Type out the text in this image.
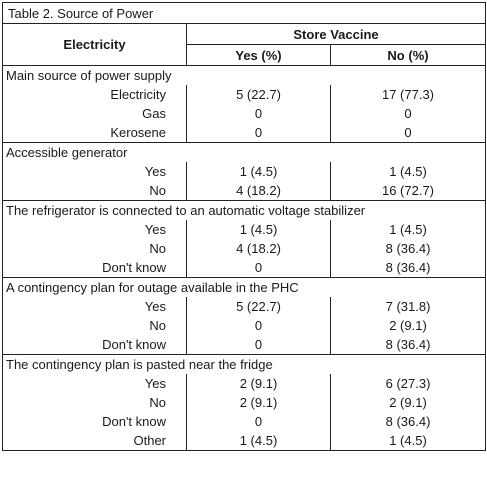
Table 2. Source of Power		
Electricity	Store Vaccine	
	Yes (%)	No (%)
Main source of power supply		
Electricity	5 (22.7)	17 (77.3)
Gas	0	0
Kerosene	0	0
Accessible generator		
Yes	1 (4.5)	1 (4.5)
No	4 (18.2)	16 (72.7)
The refrigerator is connected to an automatic voltage stabilizer		
Yes	1 (4.5)	1 (4.5)
No	4 (18.2)	8 (36.4)
Don't know	0	8 (36.4)
A contingency plan for outage available in the PHC		
Yes	5 (22.7)	7 (31.8)
No	0	2 (9.1)
Don't know	0	8 (36.4)
The contingency plan is pasted near the fridge		
Yes	2 (9.1)	6 (27.3)
No	2 (9.1)	2 (9.1)
Don't know	0	8 (36.4)
Other	1 (4.5)	1 (4.5)
